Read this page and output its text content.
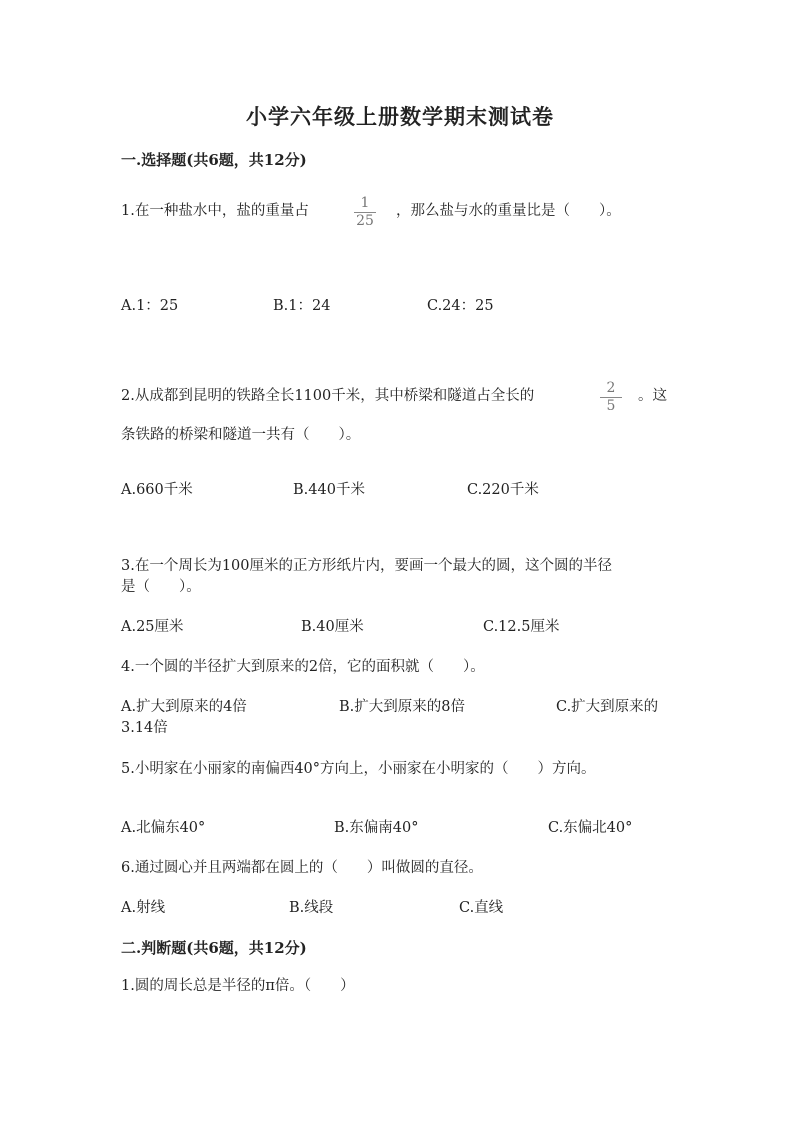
小学六年级上册数学期末测试卷
一.选择题(共6题，共12分)
1.在一种盐水中，盐的重量占	1
25
，那么盐与水的重量比是（　　）。
A.1：25	B.1：24	C.24：25
2.从成都到昆明的铁路全长1100千米，其中桥梁和隧道占全长的	2
5
。这
条铁路的桥梁和隧道一共有（　　）。
A.660千米	B.440千米	C.220千米
3.在一个周长为100厘米的正方形纸片内，要画一个最大的圆，这个圆的半径
是（　　）。
A.25厘米	B.40厘米	C.12.5厘米
4.一个圆的半径扩大到原来的2倍，它的面积就（　　）。
A.扩大到原来的4倍	B.扩大到原来的8倍	C.扩大到原来的
3.14倍
5.小明家在小丽家的南偏西40°方向上，小丽家在小明家的（　　）方向。
A.北偏东40°	B.东偏南40°	C.东偏北40°
6.通过圆心并且两端都在圆上的（　　）叫做圆的直径。
A.射线	B.线段	C.直线
二.判断题(共6题，共12分)
1.圆的周长总是半径的π倍。（　　）
